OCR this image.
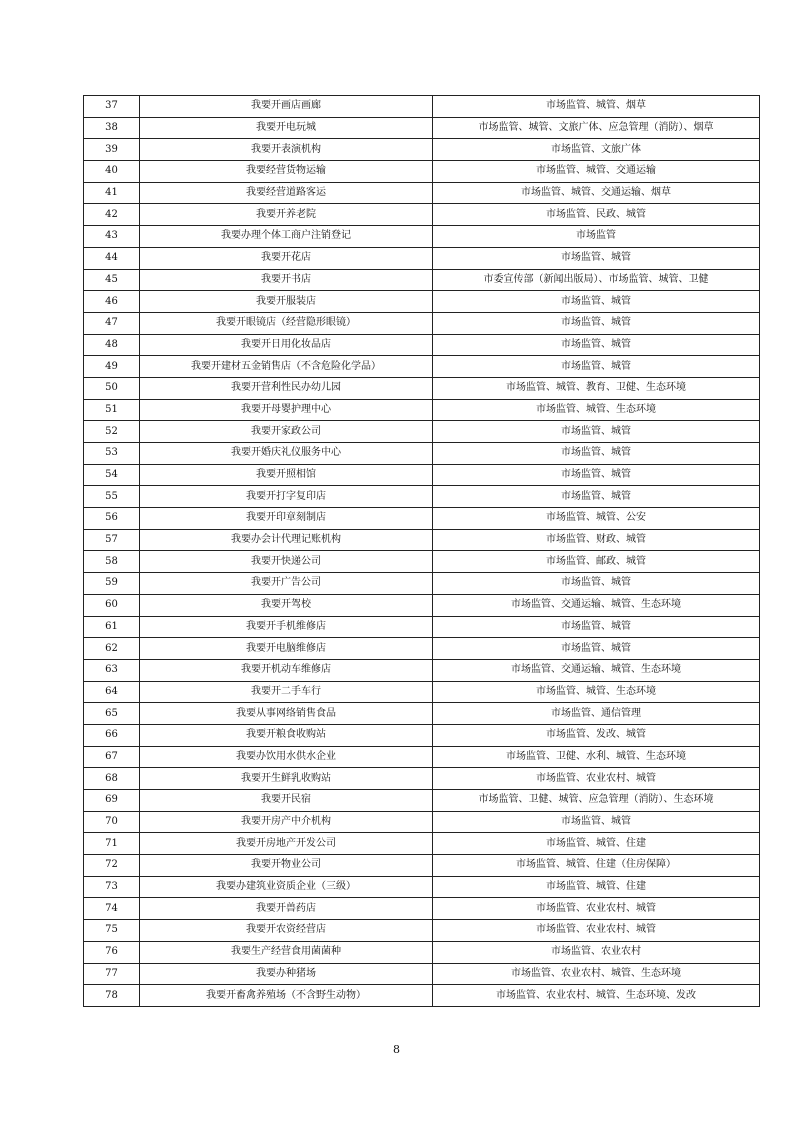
37	我要开画店画廊	市场监管、城管、烟草
38	我要开电玩城	市场监管、城管、文旅广体、应急管理（消防）、烟草
39	我要开表演机构	市场监管、文旅广体
40	我要经营货物运输	市场监管、城管、交通运输
41	我要经营道路客运	市场监管、城管、交通运输、烟草
42	我要开养老院	市场监管、民政、城管
43	我要办理个体工商户注销登记	市场监管
44	我要开花店	市场监管、城管
45	我要开书店	市委宣传部（新闻出版局）、市场监管、城管、卫健
46	我要开服装店	市场监管、城管
47	我要开眼镜店（经营隐形眼镜）	市场监管、城管
48	我要开日用化妆品店	市场监管、城管
49	我要开建材五金销售店（不含危险化学品）	市场监管、城管
50	我要开营利性民办幼儿园	市场监管、城管、教育、卫健、生态环境
51	我要开母婴护理中心	市场监管、城管、生态环境
52	我要开家政公司	市场监管、城管
53	我要开婚庆礼仪服务中心	市场监管、城管
54	我要开照相馆	市场监管、城管
55	我要开打字复印店	市场监管、城管
56	我要开印章刻制店	市场监管、城管、公安
57	我要办会计代理记账机构	市场监管、财政、城管
58	我要开快递公司	市场监管、邮政、城管
59	我要开广告公司	市场监管、城管
60	我要开驾校	市场监管、交通运输、城管、生态环境
61	我要开手机维修店	市场监管、城管
62	我要开电脑维修店	市场监管、城管
63	我要开机动车维修店	市场监管、交通运输、城管、生态环境
64	我要开二手车行	市场监管、城管、生态环境
65	我要从事网络销售食品	市场监管、通信管理
66	我要开粮食收购站	市场监管、发改、城管
67	我要办饮用水供水企业	市场监管、卫健、水利、城管、生态环境
68	我要开生鲜乳收购站	市场监管、农业农村、城管
69	我要开民宿	市场监管、卫健、城管、应急管理（消防）、生态环境
70	我要开房产中介机构	市场监管、城管
71	我要开房地产开发公司	市场监管、城管、住建
72	我要开物业公司	市场监管、城管、住建（住房保障）
73	我要办建筑业资质企业（三级）	市场监管、城管、住建
74	我要开兽药店	市场监管、农业农村、城管
75	我要开农资经营店	市场监管、农业农村、城管
76	我要生产经营食用菌菌种	市场监管、农业农村
77	我要办种猪场	市场监管、农业农村、城管、生态环境
78	我要开畜禽养殖场（不含野生动物）	市场监管、农业农村、城管、生态环境、发改
8
